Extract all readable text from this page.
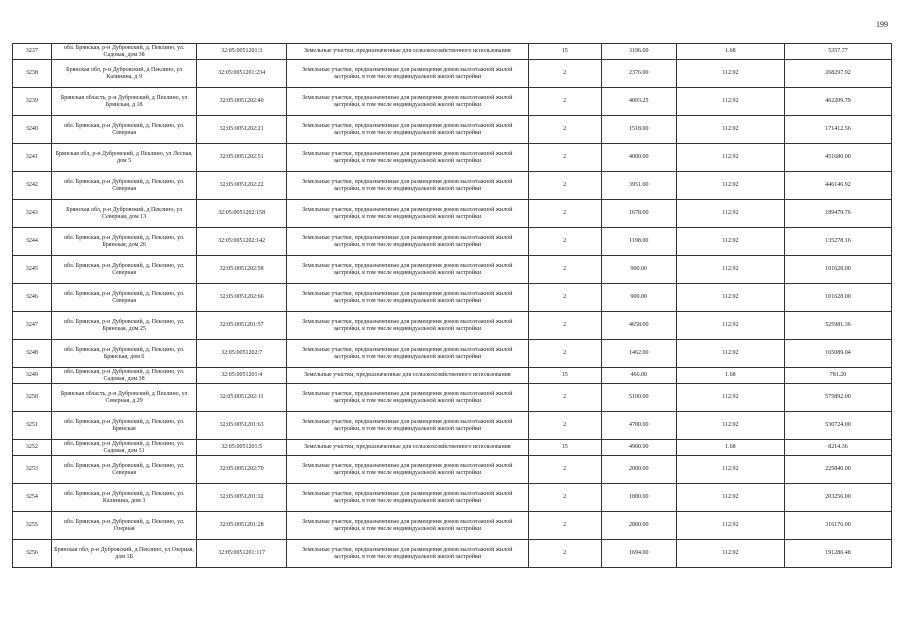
199
3237	обл. Брянская, р-н Дубровский, д. Пеклино, ул. Садовая, дом 38	32:05:0051201:3	Земельные участки, предназначенные для сельскохозяйственного использования	15	3196.00	1.68	5357.77
3238	Брянская обл, р-н Дубровский, д Пеклино, ул Калинина, д 9	32:05:0051201:234	Земельные участки, предназначенные для размещения домов малоэтажной жилой застройки, в том числе индивидуальной жилой застройки	2	2376.00	112.92	268297.92
3239	Брянская область, р-н Дубровский, д Пеклино, ул Брянская, д 18	32:05:0051202:40	Земельные участки, предназначенные для размещения домов малоэтажной жилой застройки, в том числе индивидуальной жилой застройки	2	4093.25	112.92	462209.79
3240	обл. Брянская, р-н Дубровский, д. Пеклино, ул. Северная	32:05:0051202:21	Земельные участки, предназначенные для размещения домов малоэтажной жилой застройки, в том числе индивидуальной жилой застройки	2	1518.00	112.92	171412.56
3241	Брянская обл, р-н Дубровский, д Пеклино, ул Лесная, дом 5	32:05:0051202:51	Земельные участки, предназначенные для размещения домов малоэтажной жилой застройки, в том числе индивидуальной жилой застройки	2	4000.00	112.92	451680.00
3242	обл. Брянская, р-н Дубровский, д. Пеклино, ул. Северная	32:05:0051202:22	Земельные участки, предназначенные для размещения домов малоэтажной жилой застройки, в том числе индивидуальной жилой застройки	2	3951.00	112.92	446146.92
3243	Брянская обл, р-н Дубровский, д Пеклино, ул Северная, дом 13	32:05:0051202:158	Земельные участки, предназначенные для размещения домов малоэтажной жилой застройки, в том числе индивидуальной жилой застройки	2	1678.00	112.92	189479.76
3244	обл. Брянская, р-н Дубровский, д. Пеклино, ул. Брянская, дом 26	32:05:0051202:142	Земельные участки, предназначенные для размещения домов малоэтажной жилой застройки, в том числе индивидуальной жилой застройки	2	1198.00	112.92	135278.16
3245	обл. Брянская, р-н Дубровский, д. Пеклино, ул. Северная	32:05:0051202:58	Земельные участки, предназначенные для размещения домов малоэтажной жилой застройки, в том числе индивидуальной жилой застройки	2	900.00	112.92	101628.00
3246	обл. Брянская, р-н Дубровский, д. Пеклино, ул. Северная	32:05:0051202:66	Земельные участки, предназначенные для размещения домов малоэтажной жилой застройки, в том числе индивидуальной жилой застройки	2	900.00	112.92	101628.00
3247	обл. Брянская, р-н Дубровский, д. Пеклино, ул. Брянская, дом 25	32:05:0051201:57	Земельные участки, предназначенные для размещения домов малоэтажной жилой застройки, в том числе индивидуальной жилой застройки	2	4658.00	112.92	525981.36
3248	обл. Брянская, р-н Дубровский, д. Пеклино, ул. Брянская, дом 6	32:05:0051202:7	Земельные участки, предназначенные для размещения домов малоэтажной жилой застройки, в том числе индивидуальной жилой застройки	2	1462.00	112.92	165089.04
3249	обл. Брянская, р-н Дубровский, д. Пеклино, ул. Садовая, дом 38	32:05:0051201:4	Земельные участки, предназначенные для сельскохозяйственного использования	15	466.00	1.68	781.20
3250	Брянская область, р-н Дубровский, д Пеклино, ул Северная, д 29	32:05:0051202:11	Земельные участки, предназначенные для размещения домов малоэтажной жилой застройки, в том числе индивидуальной жилой застройки	2	5100.00	112.92	575892.00
3251	обл. Брянская, р-н Дубровский, д. Пеклино, ул. Брянская	32:05:0051201:63	Земельные участки, предназначенные для размещения домов малоэтажной жилой застройки, в том числе индивидуальной жилой застройки	2	4700.00	112.92	530724.00
3252	обл. Брянская, р-н Дубровский, д. Пеклино, ул. Садовая, дом 31	32:05:0051201:5	Земельные участки, предназначенные для сельскохозяйственного использования	15	4900.00	1.68	8214.36
3253	обл. Брянская, р-н Дубровский, д. Пеклино, ул. Северная	32:05:0051202:70	Земельные участки, предназначенные для размещения домов малоэтажной жилой застройки, в том числе индивидуальной жилой застройки	2	2000.00	112.92	225840.00
3254	обл. Брянская, р-н Дубровский, д. Пеклино, ул. Калинина, дом 3	32:05:0051201:32	Земельные участки, предназначенные для размещения домов малоэтажной жилой застройки, в том числе индивидуальной жилой застройки	2	1800.00	112.92	203256.00
3255	обл. Брянская, р-н Дубровский, д. Пеклино, ул. Озерная	32:05:0051201:28	Земельные участки, предназначенные для размещения домов малоэтажной жилой застройки, в том числе индивидуальной жилой застройки	2	2800.00	112.92	316176.00
3256	Брянская обл, р-н Дубровский, д Пеклино, ул Озерная, дом 1Б	32:05:0051201:117	Земельные участки, предназначенные для размещения домов малоэтажной жилой застройки, в том числе индивидуальной жилой застройки	2	1694.00	112.92	191286.48
